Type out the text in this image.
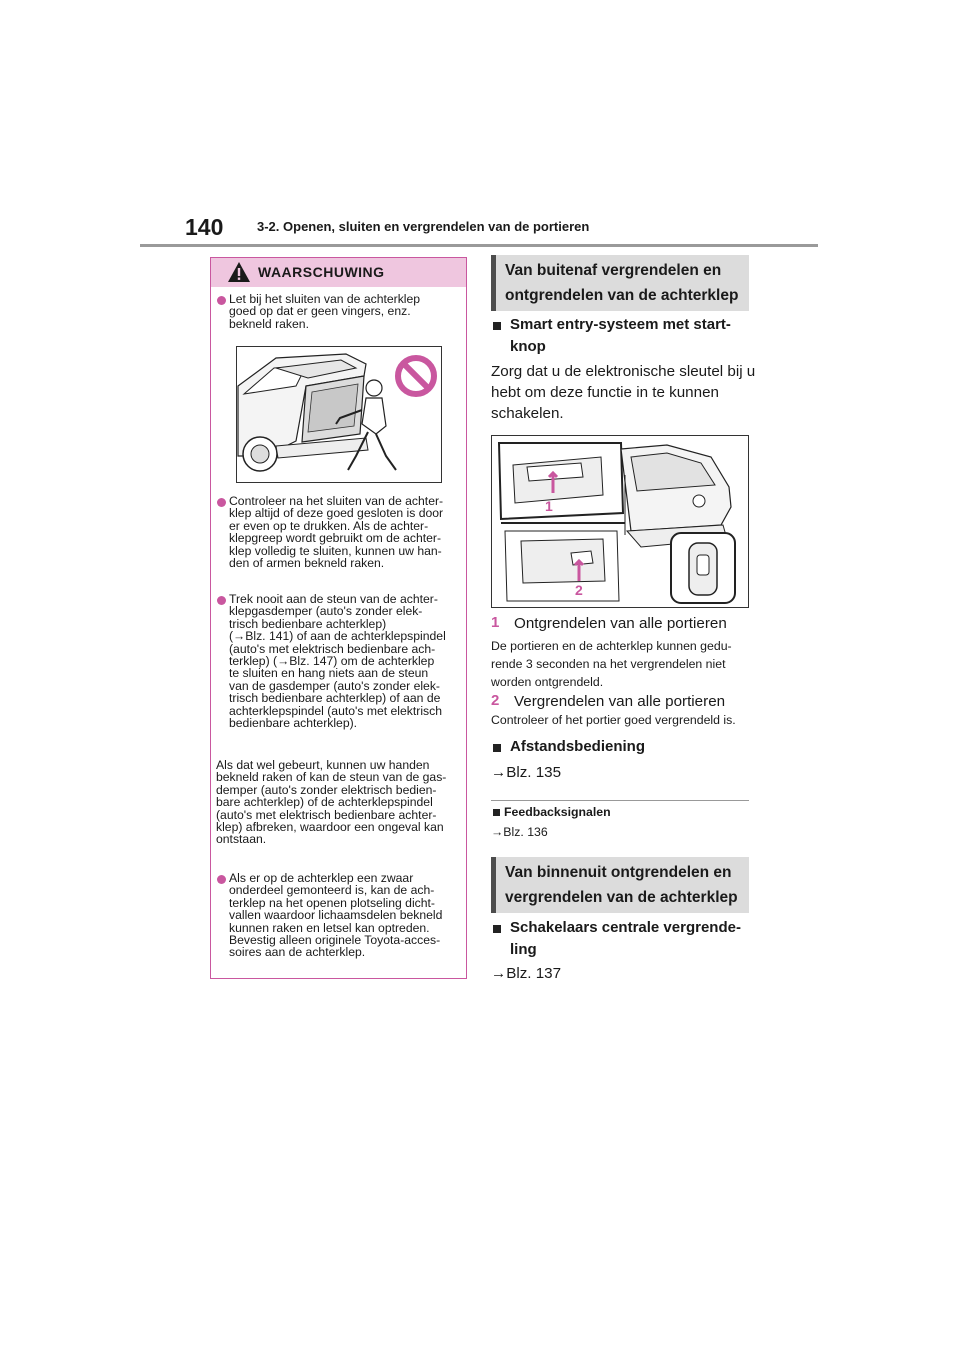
140	3-2. Openen, sluiten en vergrendelen van de portieren
WAARSCHUWING
Let bij het sluiten van de achterklep
goed op dat er geen vingers, enz.
bekneld raken.
Controleer na het sluiten van de achter-
klep altijd of deze goed gesloten is door
er even op te drukken. Als de achter-
klepgreep wordt gebruikt om de achter-
klep volledig te sluiten, kunnen uw han-
den of armen bekneld raken.
Trek nooit aan de steun van de achter-
klepgasdemper (auto's zonder elek-
trisch bedienbare achterklep)
(→Blz. 141) of aan de achterklepspindel
(auto's met elektrisch bedienbare ach-
terklep) (→Blz. 147) om de achterklep
te sluiten en hang niets aan de steun
van de gasdemper (auto's zonder elek-
trisch bedienbare achterklep) of aan de
achterklepspindel (auto's met elektrisch
bedienbare achterklep).
Als dat wel gebeurt, kunnen uw handen
bekneld raken of kan de steun van de gas-
demper (auto's zonder elektrisch bedien-
bare achterklep) of de achterklepspindel
(auto's met elektrisch bedienbare achter-
klep) afbreken, waardoor een ongeval kan
ontstaan.
Als er op de achterklep een zwaar
onderdeel gemonteerd is, kan de ach-
terklep na het openen plotseling dicht-
vallen waardoor lichaamsdelen bekneld
kunnen raken en letsel kan optreden.
Bevestig alleen originele Toyota-acces-
soires aan de achterklep.
Van buitenaf vergrendelen en
ontgrendelen van de achterklep
Smart entry-systeem met start-
knop
Zorg dat u de elektronische sleutel bij u
hebt om deze functie in te kunnen
schakelen.
1
2
1 Ontgrendelen van alle portieren
De portieren en de achterklep kunnen gedu-
rende 3 seconden na het vergrendelen niet
worden ontgrendeld.
2 Vergrendelen van alle portieren
Controleer of het portier goed vergrendeld is.
Afstandsbediening
→Blz. 135
Feedbacksignalen
→Blz. 136
Van binnenuit ontgrendelen en
vergrendelen van de achterklep
Schakelaars centrale vergrende-
ling
→Blz. 137
